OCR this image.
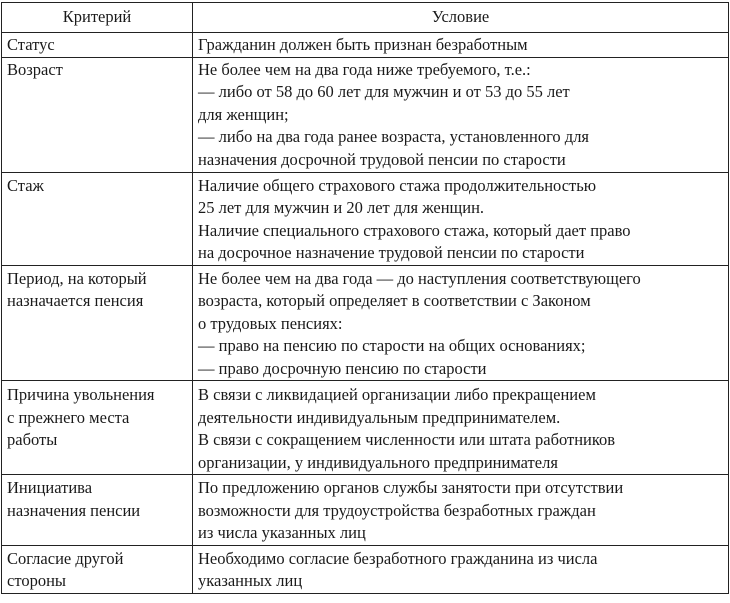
Критерий	Условие

Статус	Гражданин должен быть признан безработным

Возраст	Не более чем на два года ниже требуемого, т.е.:
— либо от 58 до 60 лет для мужчин и от 53 до 55 лет
для женщин;
— либо на два года ранее возраста, установленного для
назначения досрочной трудовой пенсии по старости

Стаж	Наличие общего страхового стажа продолжительностью
25 лет для мужчин и 20 лет для женщин.
Наличие специального страхового стажа, который дает право
на досрочное назначение трудовой пенсии по старости

Период, на который
назначается пенсия	Не более чем на два года — до наступления соответствующего
возраста, который определяет в соответствии с Законом
о трудовых пенсиях:
— право на пенсию по старости на общих основаниях;
— право досрочную пенсию по старости

Причина увольнения
с прежнего места
работы	В связи с ликвидацией организации либо прекращением
деятельности индивидуальным предпринимателем.
В связи с сокращением численности или штата работников
организации, у индивидуального предпринимателя

Инициатива
назначения пенсии	По предложению органов службы занятости при отсутствии
возможности для трудоустройства безработных граждан
из числа указанных лиц

Согласие другой
стороны	Необходимо согласие безработного гражданина из числа
указанных лиц
